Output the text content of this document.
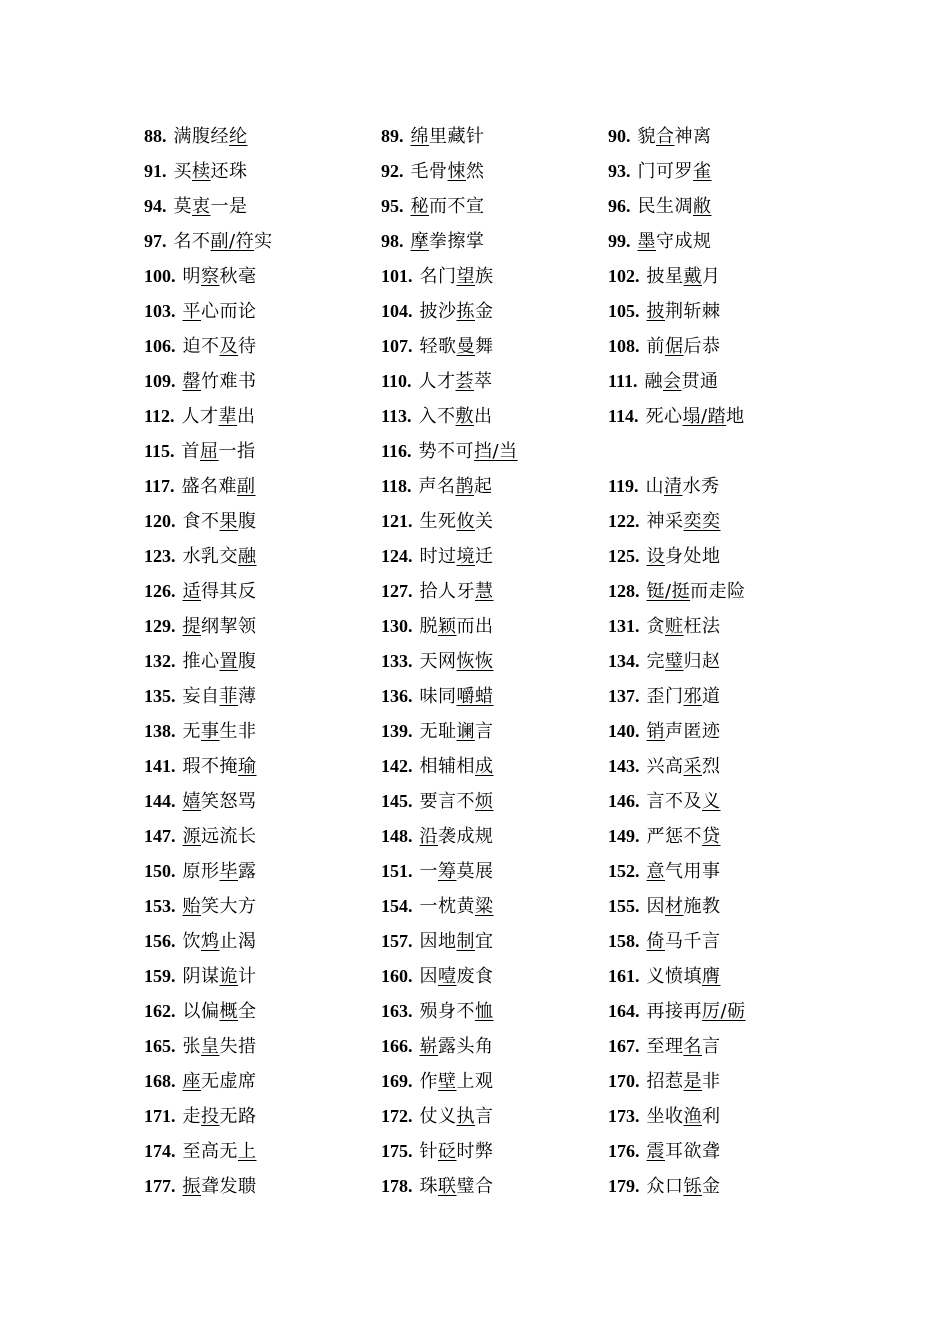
88 . 满腹经纶	89 . 绵里藏针	90 . 貌合神离
91 . 买椟还珠	92 . 毛骨悚然	93 . 门可罗雀
94 . 莫衷一是	95 . 秘而不宣	96 . 民生凋敝
97 . 名不副/符实	98 . 摩拳擦掌	99 . 墨守成规
100 . 明察秋毫	101 . 名门望族	102 . 披星戴月
103 . 平心而论	104 . 披沙拣金	105 . 披荆斩棘
106 . 迫不及待	107 . 轻歌曼舞	108 . 前倨后恭
109 . 罄竹难书	110 . 人才荟萃	111 . 融会贯通
112 . 人才辈出	113 . 入不敷出	114 . 死心塌/踏地
115 . 首屈一指	116 . 势不可挡/当
117 . 盛名难副	118 . 声名鹊起	119 . 山清水秀
120 . 食不果腹	121 . 生死攸关	122 . 神采奕奕
123 . 水乳交融	124 . 时过境迁	125 . 设身处地
126 . 适得其反	127 . 拾人牙慧	128 . 铤/挺而走险
129 . 提纲挈领	130 . 脱颖而出	131 . 贪赃枉法
132 . 推心置腹	133 . 天网恢恢	134 . 完璧归赵
135 . 妄自菲薄	136 . 味同嚼蜡	137 . 歪门邪道
138 . 无事生非	139 . 无耻谰言	140 . 销声匿迹
141 . 瑕不掩瑜	142 . 相辅相成	143 . 兴高采烈
144 . 嬉笑怒骂	145 . 要言不烦	146 . 言不及义
147 . 源远流长	148 . 沿袭成规	149 . 严惩不贷
150 . 原形毕露	151 . 一筹莫展	152 . 意气用事
153 . 贻笑大方	154 . 一枕黄粱	155 . 因材施教
156 . 饮鸩止渴	157 . 因地制宜	158 . 倚马千言
159 . 阴谋诡计	160 . 因噎废食	161 . 义愤填膺
162 . 以偏概全	163 . 殒身不恤	164 . 再接再厉/砺
165 . 张皇失措	166 . 崭露头角	167 . 至理名言
168 . 座无虚席	169 . 作壁上观	170 . 招惹是非
171 . 走投无路	172 . 仗义执言	173 . 坐收渔利
174 . 至高无上	175 . 针砭时弊	176 . 震耳欲聋
177 . 振聋发聩	178 . 珠联璧合	179 . 众口铄金
